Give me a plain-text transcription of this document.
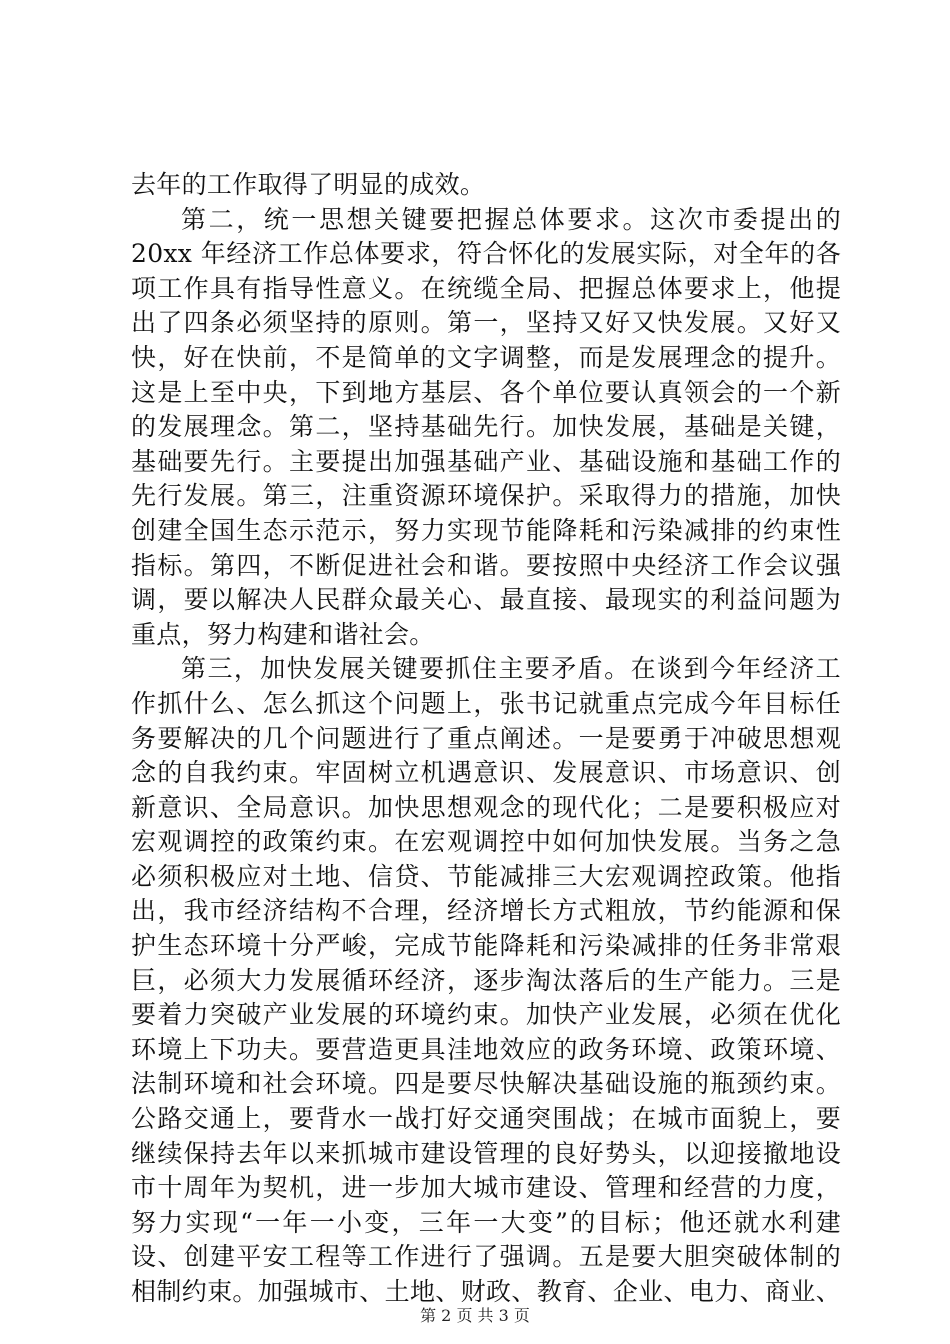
去年的工作取得了明显的成效。
第二，统一思想关键要把握总体要求。这次市委提出的
20xx 年经济工作总体要求，符合怀化的发展实际，对全年的各
项工作具有指导性意义。在统缆全局、把握总体要求上，他提
出了四条必须坚持的原则。第一，坚持又好又快发展。又好又
快，好在快前，不是简单的文字调整，而是发展理念的提升。
这是上至中央，下到地方基层、各个单位要认真领会的一个新
的发展理念。第二，坚持基础先行。加快发展，基础是关键，
基础要先行。主要提出加强基础产业、基础设施和基础工作的
先行发展。第三，注重资源环境保护。采取得力的措施，加快
创建全国生态示范示，努力实现节能降耗和污染减排的约束性
指标。第四，不断促进社会和谐。要按照中央经济工作会议强
调，要以解决人民群众最关心、最直接、最现实的利益问题为
重点，努力构建和谐社会。
第三，加快发展关键要抓住主要矛盾。在谈到今年经济工
作抓什么、怎么抓这个问题上，张书记就重点完成今年目标任
务要解决的几个问题进行了重点阐述。一是要勇于冲破思想观
念的自我约束。牢固树立机遇意识、发展意识、市场意识、创
新意识、全局意识。加快思想观念的现代化；二是要积极应对
宏观调控的政策约束。在宏观调控中如何加快发展。当务之急
必须积极应对土地、信贷、节能减排三大宏观调控政策。他指
出，我市经济结构不合理，经济增长方式粗放，节约能源和保
护生态环境十分严峻，完成节能降耗和污染减排的任务非常艰
巨，必须大力发展循环经济，逐步淘汰落后的生产能力。三是
要着力突破产业发展的环境约束。加快产业发展，必须在优化
环境上下功夫。要营造更具洼地效应的政务环境、政策环境、
法制环境和社会环境。四是要尽快解决基础设施的瓶颈约束。
公路交通上，要背水一战打好交通突围战；在城市面貌上，要
继续保持去年以来抓城市建设管理的良好势头，以迎接撤地设
市十周年为契机，进一步加大城市建设、管理和经营的力度，
努力实现“一年一小变，三年一大变”的目标；他还就水利建
设、创建平安工程等工作进行了强调。五是要大胆突破体制的
相制约束。加强城市、土地、财政、教育、企业、电力、商业、
第 2 页 共 3 页
